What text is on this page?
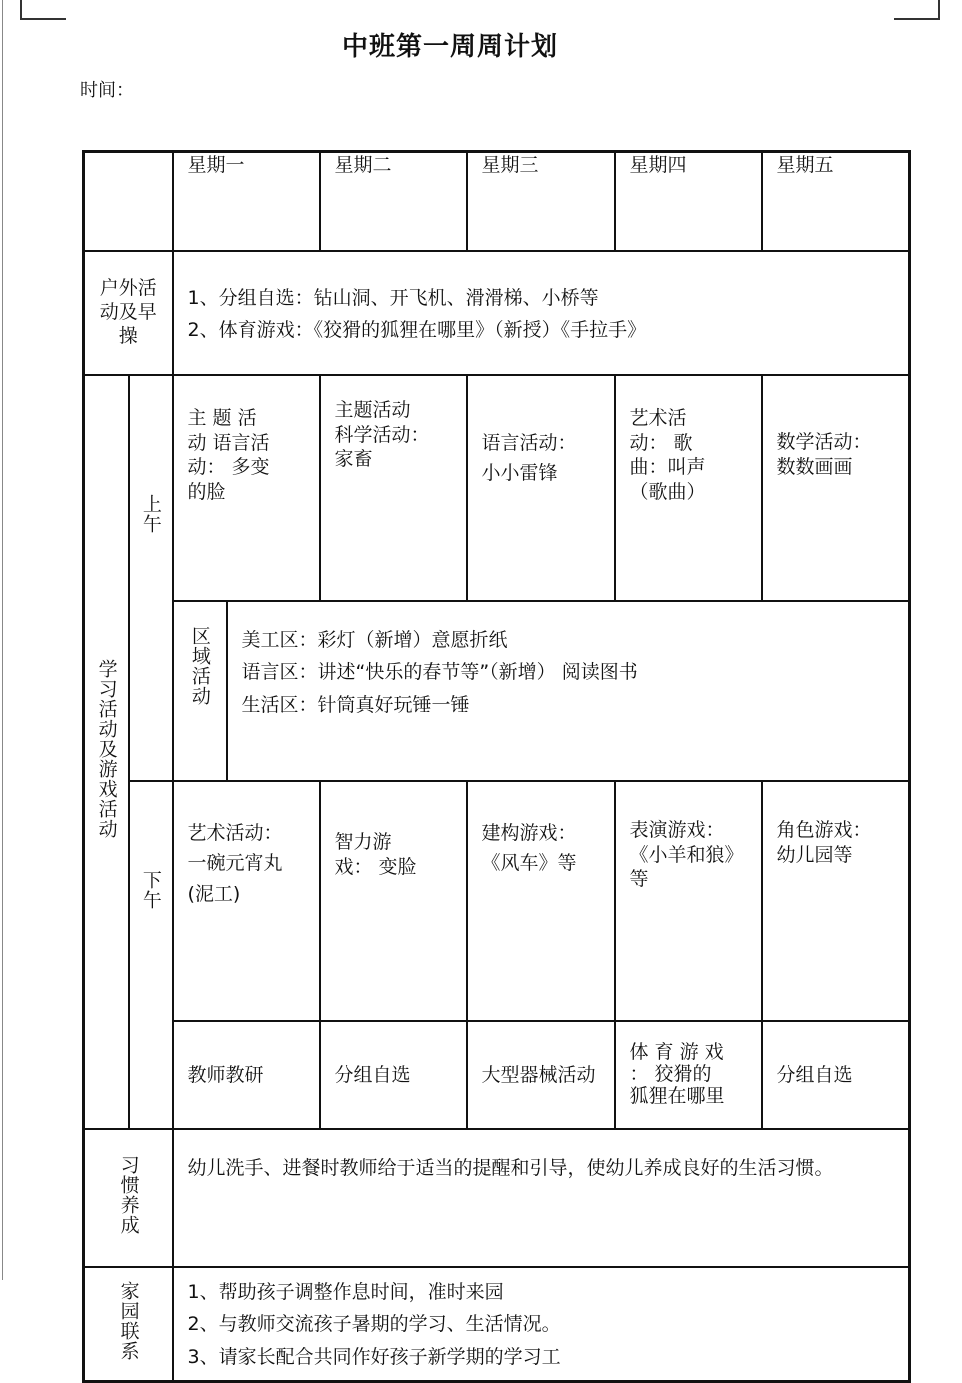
中班第一周周计划
时间：
		星期一	星期二	星期三	星期四	星期五

户外活动及早操		1、分组自选：钻山洞、开飞机、滑滑梯、小桥等
2、体育游戏：《狡猾的狐狸在哪里》（新授）《手拉手》				

学习活动及游戏活动	上午	主 题 活
动 语言活
动： 多变
的脸	主题活动
科学活动：
家畜	语言活动：
小小雷锋	艺术活
动： 歌
曲：叫声
（歌曲）	数学活动：
数数画画

		区域活动 美工区：彩灯（新增）意愿折纸
语言区：讲述“快乐的春节等”（新增） 阅读图书
生活区：针筒真好玩锤一锤				

	下午	艺术活动：
一碗元宵丸
(泥工)	智力游
戏： 变脸	建构游戏：
《风车》等	表演游戏：
《小羊和狼》
等	角色游戏：
幼儿园等

		教师教研	分组自选	大型器械活动	体 育 游 戏
： 狡猾的
狐狸在哪里	分组自选

习惯养成		幼儿洗手、进餐时教师给于适当的提醒和引导，使幼儿养成良好的生活习惯。				
家园联系		1、帮助孩子调整作息时间，准时来园
2、与教师交流孩子暑期的学习、生活情况。
3、请家长配合共同作好孩子新学期的学习工				
